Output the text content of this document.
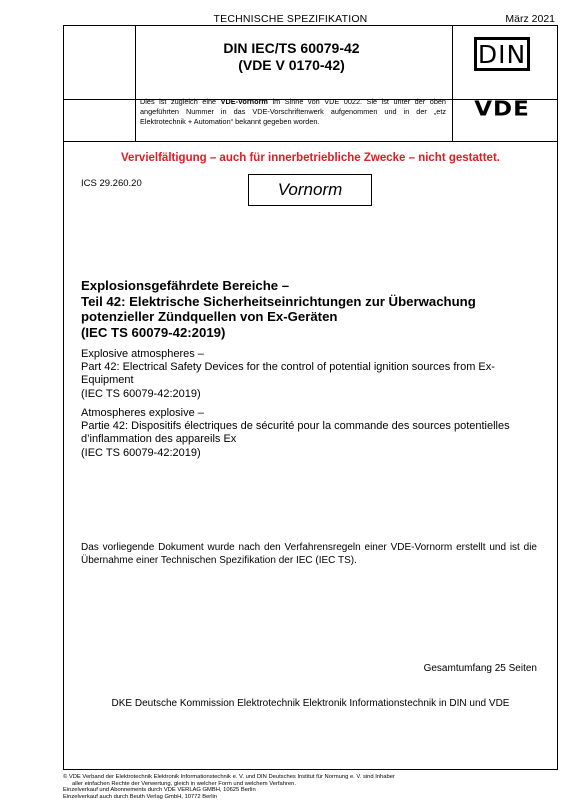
TECHNISCHE SPEZIFIKATION	März 2021
DIN IEC/TS 60079-42
(VDE V 0170-42)	DIN
VDE
Dies ist zugleich eine VDE-Vornorm im Sinne von VDE 0022. Sie ist unter der oben angeführten Nummer in das VDE-Vorschriftenwerk aufgenommen und in der „etz Elektrotechnik + Automation“ bekannt gegeben worden.
Vervielfältigung – auch für innerbetriebliche Zwecke – nicht gestattet.
ICS 29.260.20	Vornorm
Explosionsgefährdete Bereiche –
Teil 42: Elektrische Sicherheitseinrichtungen zur Überwachung
potenzieller Zündquellen von Ex-Geräten
(IEC TS 60079-42:2019)
Explosive atmospheres –
Part 42: Electrical Safety Devices for the control of potential ignition sources from Ex-
Equipment
(IEC TS 60079-42:2019)
Atmospheres explosive –
Partie 42: Dispositifs électriques de sécurité pour la commande des sources potentielles
d’inflammation des appareils Ex
(IEC TS 60079-42:2019)
Das vorliegende Dokument wurde nach den Verfahrensregeln einer VDE-Vornorm erstellt und ist die Übernahme einer Technischen Spezifikation der IEC (IEC TS).
Gesamtumfang 25 Seiten
DKE Deutsche Kommission Elektrotechnik Elektronik Informationstechnik in DIN und VDE
© VDE Verband der Elektrotechnik Elektronik Informationstechnik e. V. und DIN Deutsches Institut für Normung e. V. sind Inhaber
aller einfachen Rechte der Verwertung, gleich in welcher Form und welchem Verfahren.
Einzelverkauf und Abonnements durch VDE VERLAG GMBH, 10625 Berlin
Einzelverkauf auch durch Beuth Verlag GmbH, 10772 Berlin
